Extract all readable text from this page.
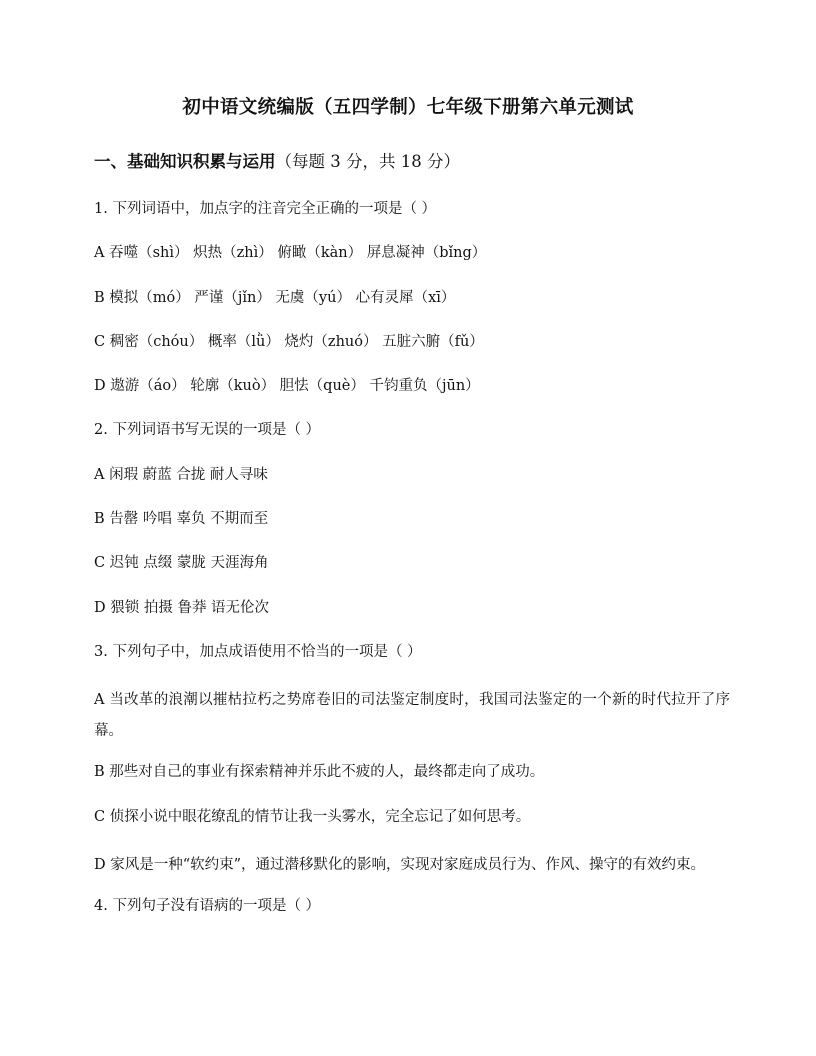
初中语文统编版（五四学制）七年级下册第六单元测试
一、基础知识积累与运用（每题 3 分，共 18 分）
1. 下列词语中，加点字的注音完全正确的一项是（ ）
A 吞噬（shì） 炽热（zhì） 俯瞰（kàn） 屏息凝神（bǐng）
B 模拟（mó） 严谨（jǐn） 无虞（yú） 心有灵犀（xī）
C 稠密（chóu） 概率（lǜ） 烧灼（zhuó） 五脏六腑（fǔ）
D 遨游（áo） 轮廓（kuò） 胆怯（què） 千钧重负（jūn）
2. 下列词语书写无误的一项是（ ）
A 闲瑕 蔚蓝 合拢 耐人寻味
B 告罄 吟唱 辜负 不期而至
C 迟钝 点缀 蒙胧 天涯海角
D 猥锁 拍摄 鲁莽 语无伦次
3. 下列句子中，加点成语使用不恰当的一项是（ ）
A 当改革的浪潮以摧枯拉朽之势席卷旧的司法鉴定制度时，我国司法鉴定的一个新的时代拉开了序幕。
B 那些对自己的事业有探索精神并乐此不疲的人，最终都走向了成功。
C 侦探小说中眼花缭乱的情节让我一头雾水，完全忘记了如何思考。
D 家风是一种“软约束”，通过潜移默化的影响，实现对家庭成员行为、作风、操守的有效约束。
4. 下列句子没有语病的一项是（ ）
